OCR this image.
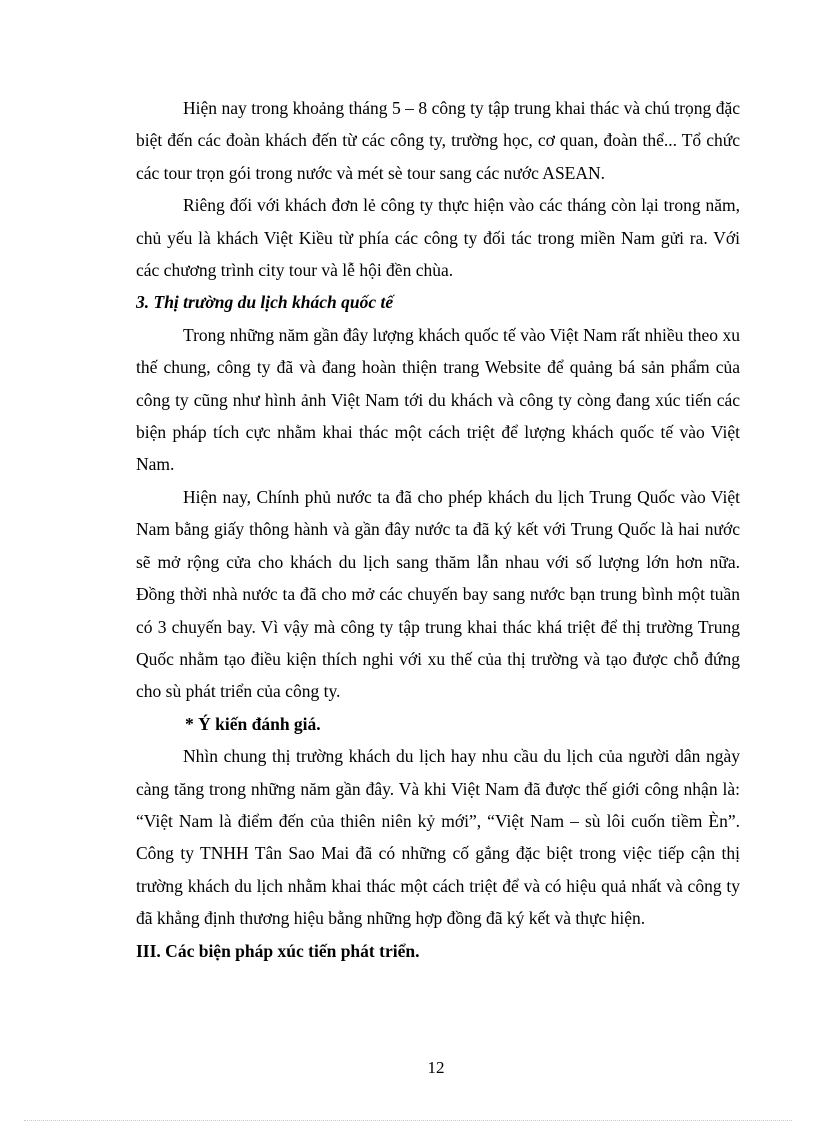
Hiện nay trong khoảng tháng 5 – 8 công ty tập trung khai thác và chú trọng đặc biệt đến các đoàn khách đến từ các công ty, trường học, cơ quan, đoàn thể... Tổ chức các tour trọn gói trong nước và mét sè tour sang các nước ASEAN.

Riêng đối với khách đơn lẻ công ty thực hiện vào các tháng còn lại trong năm, chủ yếu là khách Việt Kiều từ phía các công ty đối tác trong miền Nam gửi ra. Với các chương trình city tour và lễ hội đền chùa.

3. Thị trường du lịch khách quốc tế

Trong những năm gần đây lượng khách quốc tế vào Việt Nam rất nhiều theo xu thế chung, công ty đã và đang hoàn thiện trang Website để quảng bá sản phẩm của công ty cũng như hình ảnh Việt Nam tới du khách và công ty còng đang xúc tiến các biện pháp tích cực nhằm khai thác một cách triệt để lượng khách quốc tế vào Việt Nam.

Hiện nay, Chính phủ nước ta đã cho phép khách du lịch Trung Quốc vào Việt Nam bằng giấy thông hành và gần đây nước ta đã ký kết với Trung Quốc là hai nước sẽ mở rộng cửa cho khách du lịch sang thăm lẫn nhau với số lượng lớn hơn nữa. Đồng thời nhà nước ta đã cho mở các chuyến bay sang nước bạn trung bình một tuần có 3 chuyến bay. Vì vậy mà công ty tập trung khai thác khá triệt để thị trường Trung Quốc nhằm tạo điều kiện thích nghi với xu thế của thị trường và tạo được chỗ đứng cho sù phát triển của công ty.

* Ý kiến đánh giá.

Nhìn chung thị trường khách du lịch hay nhu cầu du lịch của người dân ngày càng tăng trong những năm gần đây. Và khi Việt Nam đã được thế giới công nhận là: “Việt Nam là điểm đến của thiên niên kỷ mới”, “Việt Nam – sù lôi cuốn tiềm Èn”. Công ty TNHH Tân Sao Mai đã có những cố gắng đặc biệt trong việc tiếp cận thị trường khách du lịch nhằm khai thác một cách triệt để và có hiệu quả nhất và công ty đã khẳng định thương hiệu bằng những hợp đồng đã ký kết và thực hiện.

III. Các biện pháp xúc tiến phát triển.

12
